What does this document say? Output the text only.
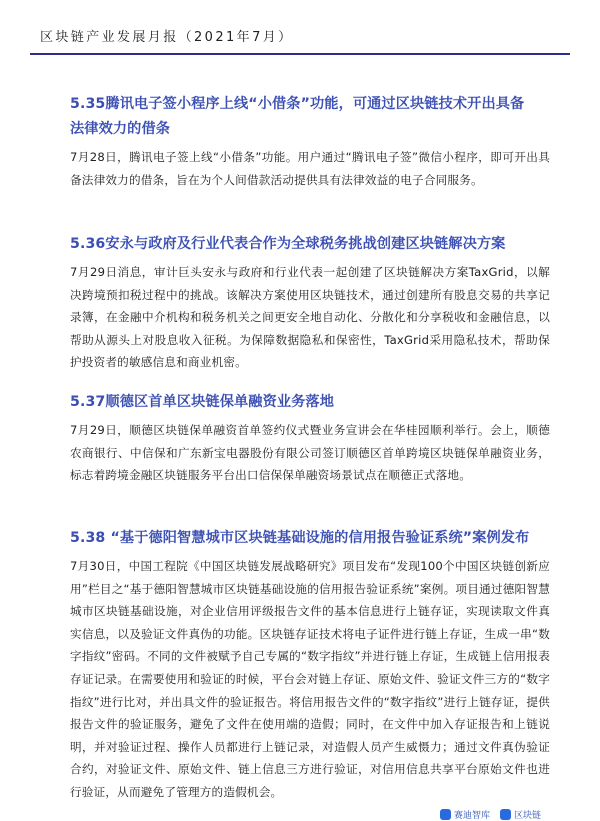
区块链产业发展月报（2021年7月）
5.35腾讯电子签小程序上线“小借条”功能，可通过区块链技术开出具备
法律效力的借条
7月28日，腾讯电子签上线“小借条”功能。用户通过“腾讯电子签”微信小程序，即可开出具备法律效力的借条，旨在为个人间借款活动提供具有法律效益的电子合同服务。
5.36安永与政府及行业代表合作为全球税务挑战创建区块链解决方案
7月29日消息，审计巨头安永与政府和行业代表一起创建了区块链解决方案TaxGrid，以解决跨境预扣税过程中的挑战。该解决方案使用区块链技术，通过创建所有股息交易的共享记录簿，在金融中介机构和税务机关之间更安全地自动化、分散化和分享税收和金融信息，以帮助从源头上对股息收入征税。为保障数据隐私和保密性，TaxGrid采用隐私技术，帮助保护投资者的敏感信息和商业机密。
5.37顺德区首单区块链保单融资业务落地
7月29日，顺德区块链保单融资首单签约仪式暨业务宣讲会在华桂园顺利举行。会上，顺德农商银行、中信保和广东新宝电器股份有限公司签订顺德区首单跨境区块链保单融资业务，标志着跨境金融区块链服务平台出口信保保单融资场景试点在顺德正式落地。
5.38 “基于德阳智慧城市区块链基础设施的信用报告验证系统”案例发布
7月30日，中国工程院《中国区块链发展战略研究》项目发布“发现100个中国区块链创新应用”栏目之“基于德阳智慧城市区块链基础设施的信用报告验证系统”案例。项目通过德阳智慧城市区块链基础设施，对企业信用评级报告文件的基本信息进行上链存证，实现读取文件真实信息，以及验证文件真伪的功能。区块链存证技术将电子证件进行链上存证，生成一串“数字指纹”密码。不同的文件被赋予自己专属的“数字指纹”并进行链上存证，生成链上信用报表存证记录。在需要使用和验证的时候，平台会对链上存证、原始文件、验证文件三方的“数字指纹”进行比对，并出具文件的验证报告。将信用报告文件的“数字指纹”进行上链存证，提供报告文件的验证服务，避免了文件在使用端的造假；同时，在文件中加入存证报告和上链说明，并对验证过程、操作人员都进行上链记录，对造假人员产生威慑力；通过文件真伪验证合约，对验证文件、原始文件、链上信息三方进行验证，对信用信息共享平台原始文件也进行验证，从而避免了管理方的造假机会。
赛迪智库	区块链
